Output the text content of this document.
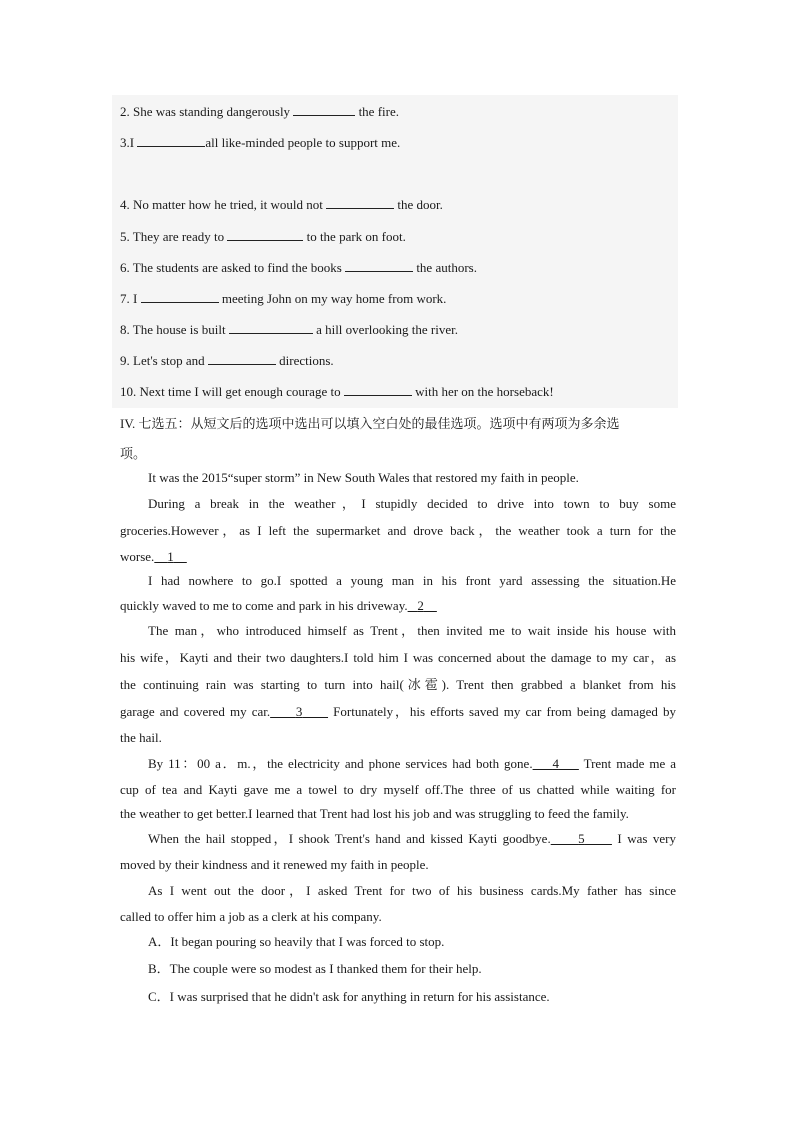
2. She was standing dangerously	the fire.
3.I	all like-minded people to support me.
4. No matter how he tried, it would not	the door.
5. They are ready to	to the park on foot.
6. The students are asked to find the books	the authors.
7. I	meeting John on my way home from work.
8. The house is built	a hill overlooking the river.
9. Let's stop and	directions.
10. Next time I will get enough courage to	with her on the horseback!
IV. 七选五：从短文后的选项中选出可以填入空白处的最佳选项。选项中有两项为多余选
项。
It was the 2015“super storm” in New South Wales that restored my faith in people.
During a break in the weather，I stupidly decided to drive into town to buy some
groceries.However，as I left the supermarket and drove back，the weather took a turn for the
worse. 1
I had nowhere to go.I spotted a young man in his front yard assessing the situation.He
quickly waved to me to come and park in his driveway. 2
The man，who introduced himself as Trent，then invited me to wait inside his house with
his wife，Kayti and their two daughters.I told him I was concerned about the damage to my car，as
the continuing rain was starting to turn into hail(冰雹). Trent then grabbed a blanket from his
garage and covered my car. 3      Fortunately，his efforts saved my car from being damaged by
the hail.
By 11：00 a．m.，the electricity and phone services had both gone. 4     Trent made me a
cup of tea and Kayti gave me a towel to dry myself off.The three of us chatted while waiting for
the weather to get better.I learned that Trent had lost his job and was struggling to feed the family.
When the hail stopped，I shook Trent's hand and kissed Kayti goodbye. 5      I was very
moved by their kindness and it renewed my faith in people.
As I went out the door，I asked Trent for two of his business cards.My father has since
called to offer him a job as a clerk at his company.
A．It began pouring so heavily that I was forced to stop.
B．The couple were so modest as I thanked them for their help.
C．I was surprised that he didn't ask for anything in return for his assistance.
